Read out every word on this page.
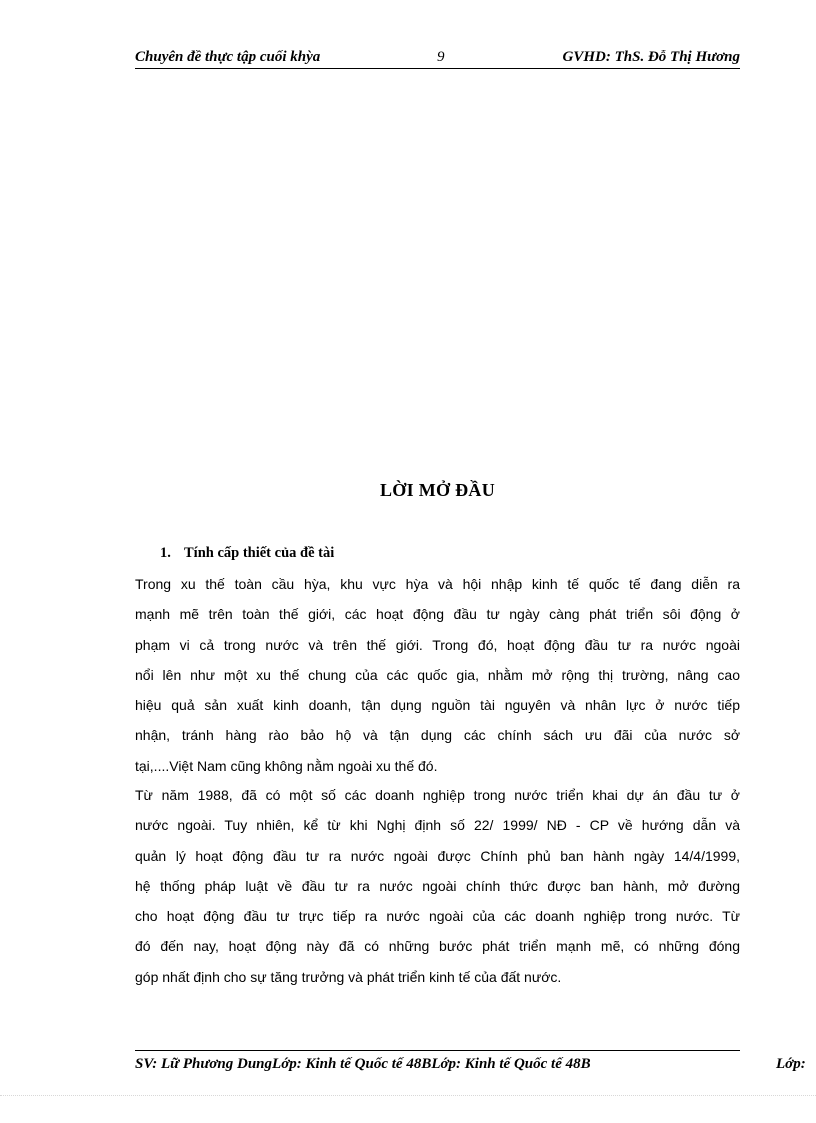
Chuyên đề thực tập cuối khỳa	9	GVHD: ThS. Đỗ Thị Hương
LỜI MỞ ĐẦU
1. Tính cấp thiết của đề tài
Trong xu thế toàn cầu hỳa, khu vực hỳa và hội nhập kinh tế quốc tế đang diễn ra
mạnh mẽ trên toàn thế giới, các hoạt động đầu tư ngày càng phát triển sôi động ở
phạm vi cả trong nước và trên thế giới. Trong đó, hoạt động đầu tư ra nước ngoài
nổi lên như một xu thế chung của các quốc gia, nhằm mở rộng thị trường, nâng cao
hiệu quả sản xuất kinh doanh, tận dụng nguồn tài nguyên và nhân lực ở nước tiếp
nhận, tránh hàng rào bảo hộ và tận dụng các chính sách ưu đãi của nước sở
tại,....Việt Nam cũng không nằm ngoài xu thế đó.
Từ năm 1988, đã có một số các doanh nghiệp trong nước triển khai dự án đầu tư ở
nước ngoài. Tuy nhiên, kể từ khi Nghị định số 22/ 1999/ NĐ - CP về hướng dẫn và
quản lý hoạt động đầu tư ra nước ngoài được Chính phủ ban hành ngày 14/4/1999,
hệ thống pháp luật về đầu tư ra nước ngoài chính thức được ban hành, mở đường
cho hoạt động đầu tư trực tiếp ra nước ngoài của các doanh nghiệp trong nước. Từ
đó đến nay, hoạt động này đã có những bước phát triển mạnh mẽ, có những đóng
góp nhất định cho sự tăng trưởng và phát triển kinh tế của đất nước.
SV: Lữ Phương DungLớp: Kinh tế Quốc tế 48BLớp: Kinh tế Quốc tế 48B	Lớp:
